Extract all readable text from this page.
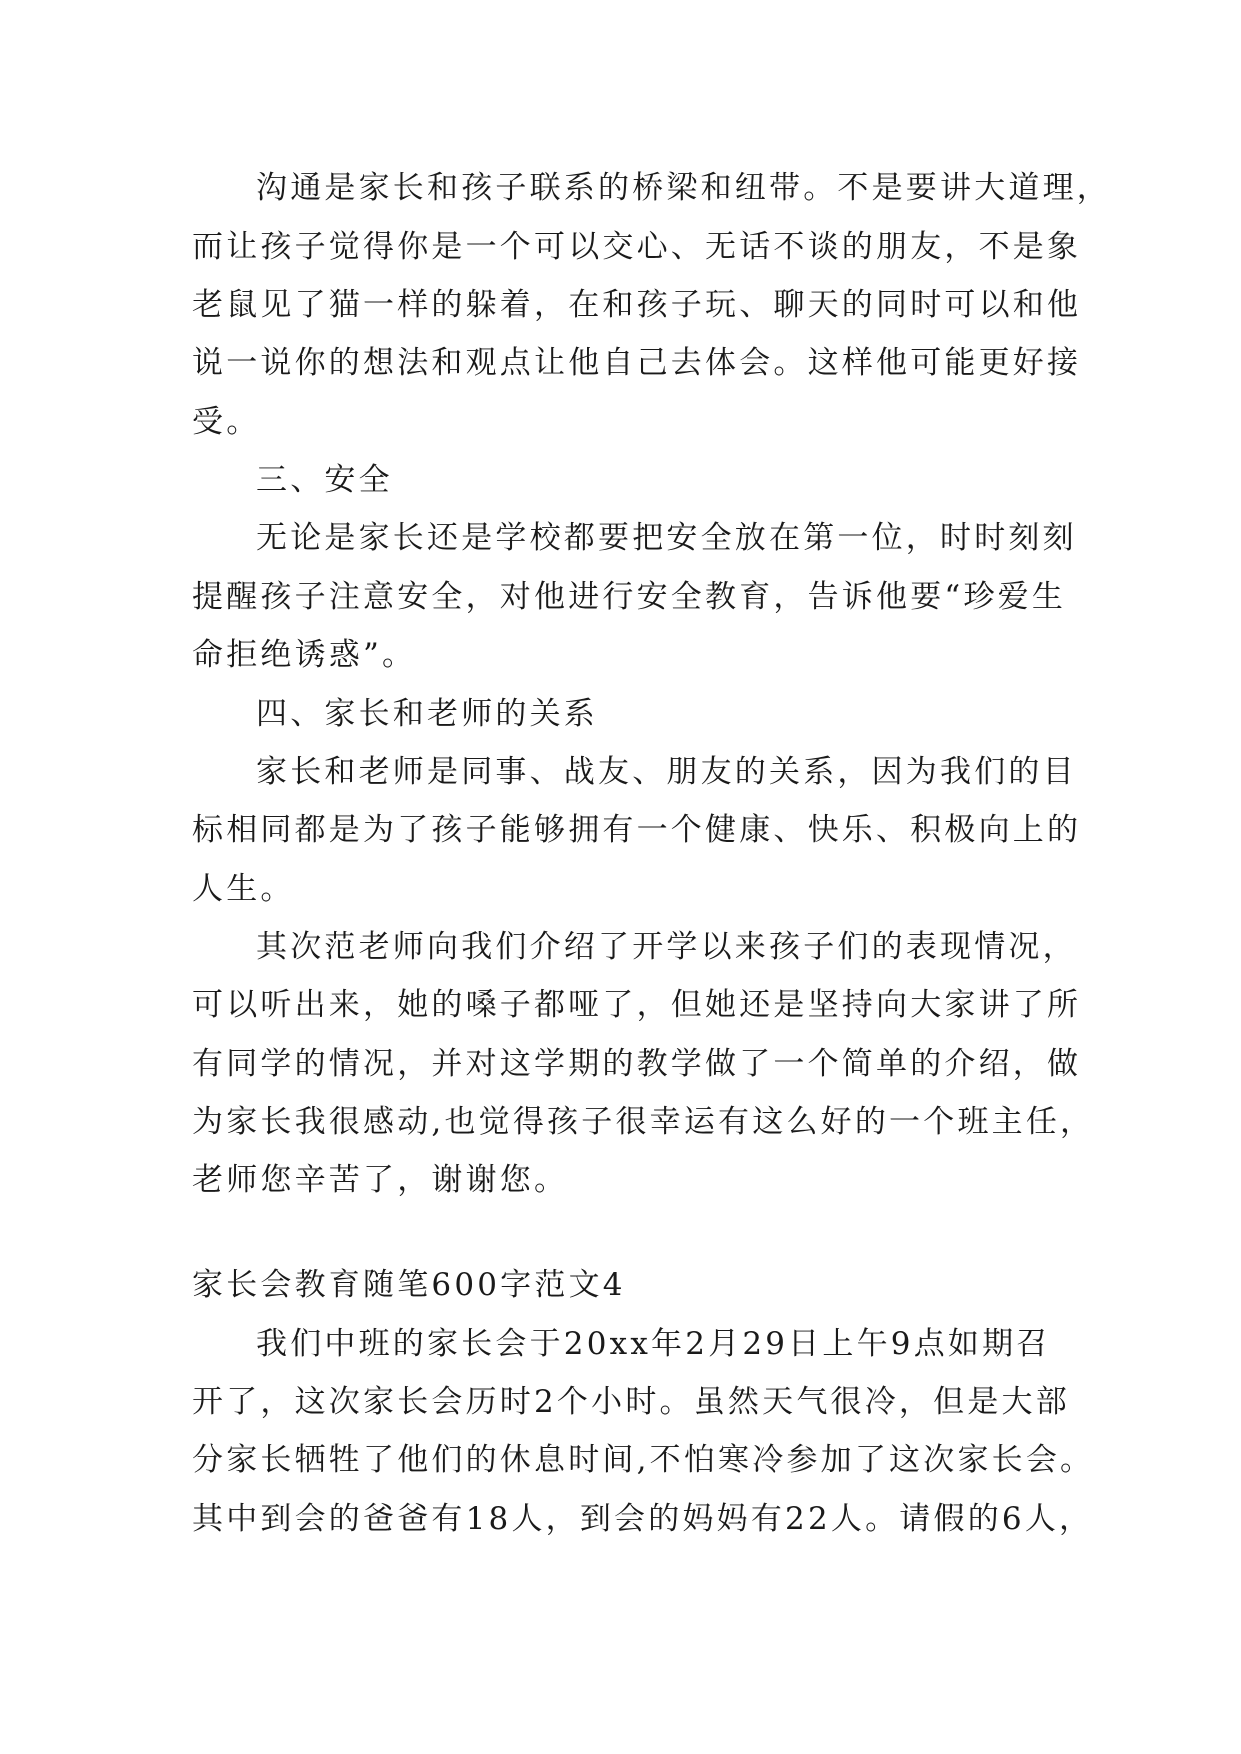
沟通是家长和孩子联系的桥梁和纽带。不是要讲大道理，
而让孩子觉得你是一个可以交心、无话不谈的朋友，不是象
老鼠见了猫一样的躲着，在和孩子玩、聊天的同时可以和他
说一说你的想法和观点让他自己去体会。这样他可能更好接
受。
三、安全
无论是家长还是学校都要把安全放在第一位，时时刻刻
提醒孩子注意安全，对他进行安全教育，告诉他要“珍爱生
命拒绝诱惑”。
四、家长和老师的关系
家长和老师是同事、战友、朋友的关系，因为我们的目
标相同都是为了孩子能够拥有一个健康、快乐、积极向上的
人生。
其次范老师向我们介绍了开学以来孩子们的表现情况，
可以听出来，她的嗓子都哑了，但她还是坚持向大家讲了所
有同学的情况，并对这学期的教学做了一个简单的介绍，做
为家长我很感动,也觉得孩子很幸运有这么好的一个班主任，
老师您辛苦了，谢谢您。
家长会教育随笔600字范文4
我们中班的家长会于20xx年2月29日上午9点如期召
开了，这次家长会历时2个小时。虽然天气很冷，但是大部
分家长牺牲了他们的休息时间,不怕寒冷参加了这次家长会。
其中到会的爸爸有18人，到会的妈妈有22人。请假的6人，
